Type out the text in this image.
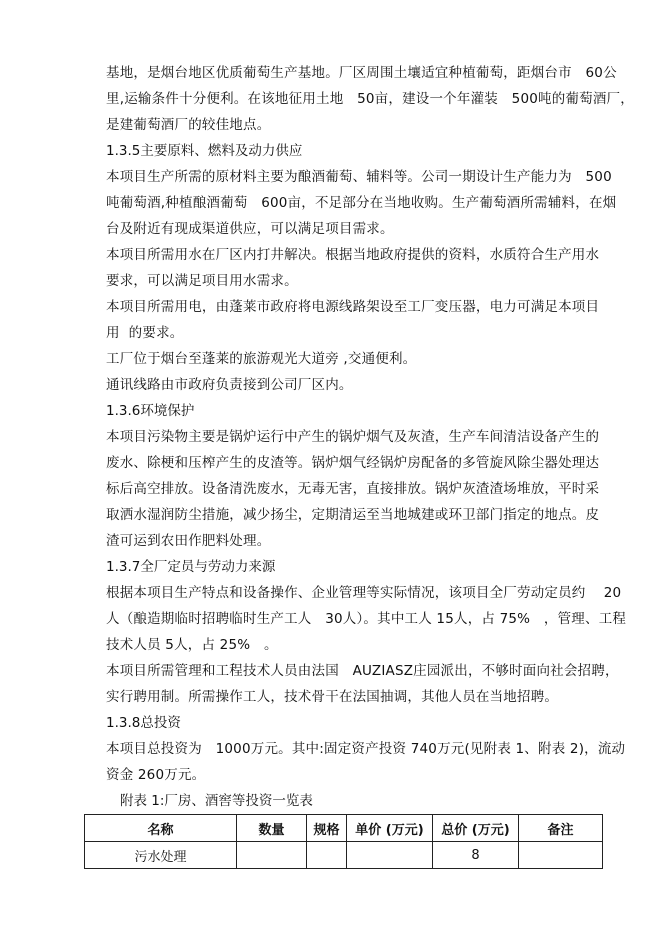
基地，是烟台地区优质葡萄生产基地。厂区周围土壤适宜种植葡萄，距烟台市　60公
里,运输条件十分便利。在该地征用土地　50亩，建设一个年灌装　500吨的葡萄酒厂，
是建葡萄酒厂的较佳地点。
1.3.5主要原料、燃料及动力供应
本项目生产所需的原材料主要为酿酒葡萄、辅料等。公司一期设计生产能力为　500
吨葡萄酒,种植酿酒葡萄　600亩，不足部分在当地收购。生产葡萄酒所需辅料，在烟
台及附近有现成渠道供应，可以满足项目需求。
本项目所需用水在厂区内打井解决。根据当地政府提供的资料，水质符合生产用水
要求，可以满足项目用水需求。
本项目所需用电，由蓬莱市政府将电源线路架设至工厂变压器，电力可满足本项目
用  的要求。
工厂位于烟台至蓬莱的旅游观光大道旁 ,交通便利。
通讯线路由市政府负责接到公司厂区内。
1.3.6环境保护
本项目污染物主要是锅炉运行中产生的锅炉烟气及灰渣，生产车间清洁设备产生的
废水、除梗和压榨产生的皮渣等。锅炉烟气经锅炉房配备的多管旋风除尘器处理达
标后高空排放。设备清洗废水，无毒无害，直接排放。锅炉灰渣渣场堆放，平时采
取洒水湿润防尘措施，减少扬尘，定期清运至当地城建或环卫部门指定的地点。皮
渣可运到农田作肥料处理。
1.3.7全厂定员与劳动力来源
根据本项目生产特点和设备操作、企业管理等实际情况，该项目全厂劳动定员约　 20
人（酿造期临时招聘临时生产工人　30人）。其中工人 15人，占 75%　，管理、工程
技术人员 5人，占 25%　。
本项目所需管理和工程技术人员由法国　AUZIASZ庄园派出，不够时面向社会招聘，
实行聘用制。所需操作工人，技术骨干在法国抽调，其他人员在当地招聘。
1.3.8总投资
本项目总投资为　1000万元。其中:固定资产投资 740万元(见附表 1、附表 2)，流动
资金 260万元。
附表 1:厂房、酒窖等投资一览表
名称	数量	规格	单价 (万元)	总价 (万元)	备注
污水处理				8	
